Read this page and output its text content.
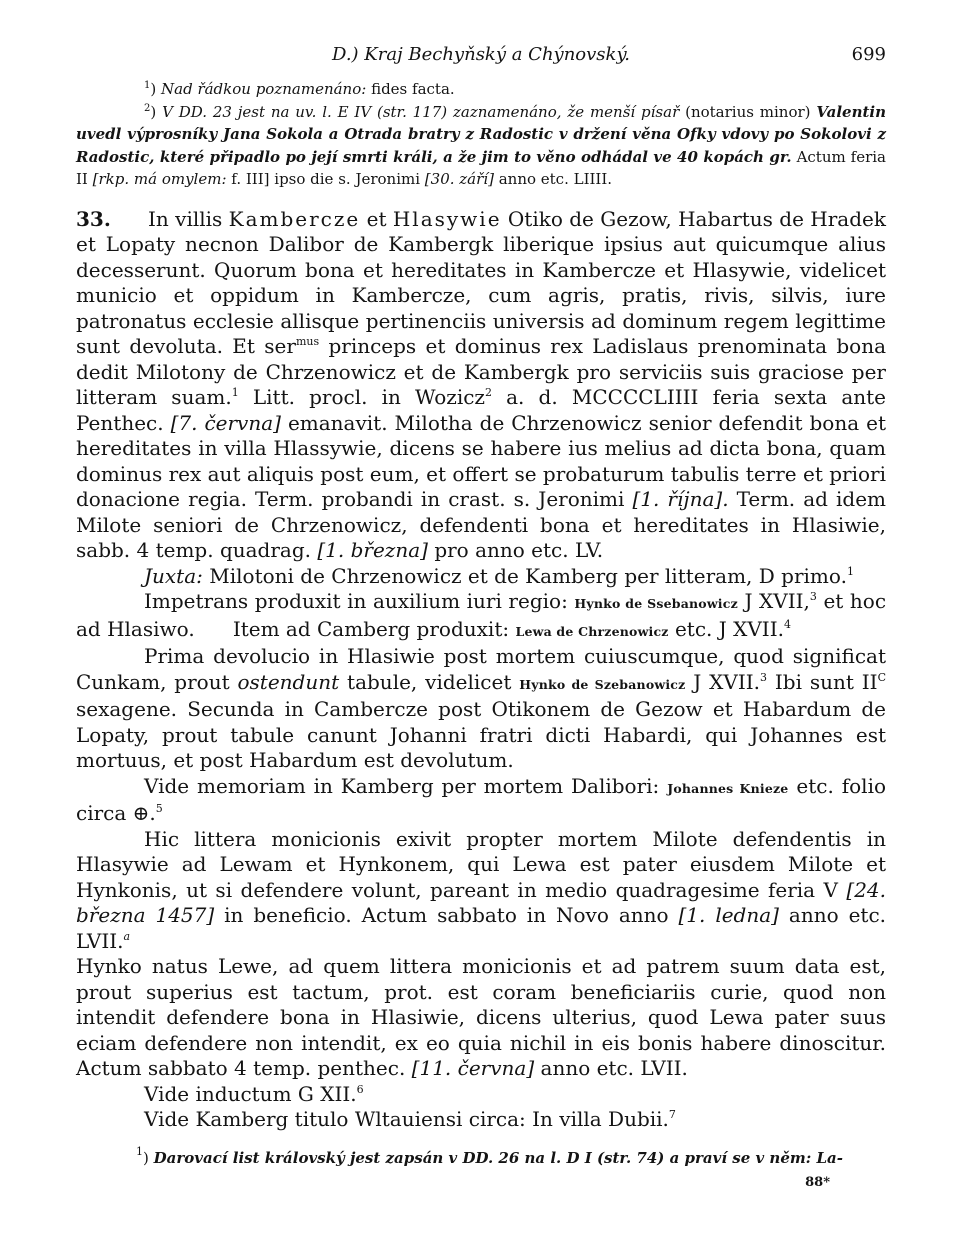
D.) Kraj Bechyňský a Chýnovský.	699

$^1$) Nad řádkou poznamenáno: fides facta.

$^2$) V DD. 23 jest na uv. l. E IV (str. 117) zaznamenáno, že menší písař (notarius minor) Valentin uvedl výprosníky Jana Sokola a Otrada bratry z Radostic v držení věna Ofky vdovy po Sokolovi z Radostic, které připadlo po její smrti králi, a že jim to věno odhádal ve 40 kopách gr. Actum feria II [rkp. má omylem: f. III] ipso die s. Jeronimi [30. září] anno etc. LIIII.

33. In villis Kambercze et Hlasywie Otiko de Gezow, Habartus de Hradek et Lopaty necnon Dalibor de Kambergk liberique ipsius aut quicumque alius decesserunt. Quorum bona et hereditates in Kambercze et Hlasywie, videlicet municio et oppidum in Kambercze, cum agris, pratis, rivis, silvis, iure patronatus ecclesie allisque pertinenciis universis ad dominum regem legittime sunt devoluta. Et ser$^{mus}$ princeps et dominus rex Ladislaus prenominata bona dedit Milotony de Chrzenowicz et de Kambergk pro serviciis suis graciose per litteram suam.$^1$ Litt. procl. in Wozicz$^2$ a. d. MCCCCLIIII feria sexta ante Penthec. [7. června] emanavit. Milotha de Chrzenowicz senior defendit bona et hereditates in villa Hlassywie, dicens se habere ius melius ad dicta bona, quam dominus rex aut aliquis post eum, et offert se probaturum tabulis terre et priori donacione regia. Term. probandi in crast. s. Jeronimi [1. října]. Term. ad idem Milote seniori de Chrzenowicz, defendenti bona et hereditates in Hlasiwie, sabb. 4 temp. quadrag. [1. března] pro anno etc. LV.

Juxta: Milotoni de Chrzenowicz et de Kamberg per litteram, D primo.$^1$

Impetrans produxit in auxilium iuri regio: Hynko de Ssebanowicz J XVII,$^3$ et hoc ad Hlasiwo. Item ad Camberg produxit: Lewa de Chrzenowicz etc. J XVII.$^4$

Prima devolucio in Hlasiwie post mortem cuiuscumque, quod significat Cunkam, prout ostendunt tabule, videlicet Hynko de Szebanowicz J XVII.$^3$ Ibi sunt $II^C$ sexagene. Secunda in Cambercze post Otikonem de Gezow et Habardum de Lopaty, prout tabule canunt Johanni fratri dicti Habardi, qui Johannes est mortuus, et post Habardum est devolutum.

Vide memoriam in Kamberg per mortem Dalibori: Johannes Knieze etc. folio circa ⊕.$^5$

Hic littera monicionis exivit propter mortem Milote defendentis in Hlasywie ad Lewam et Hynkonem, qui Lewa est pater eiusdem Milote et Hynkonis, ut si defendere volunt, pareant in medio quadragesime feria V [24. března 1457] in beneficio. Actum sabbato in Novo anno [1. ledna] anno etc. LVII.$^a$

Hynko natus Lewe, ad quem littera monicionis et ad patrem suum data est, prout superius est tactum, prot. est coram beneficiariis curie, quod non intendit defendere bona in Hlasiwie, dicens ulterius, quod Lewa pater suus eciam defendere non intendit, ex eo quia nichil in eis bonis habere dinoscitur. Actum sabbato 4 temp. penthec. [11. června] anno etc. LVII.

Vide inductum G XII.$^6$

Vide Kamberg titulo Wltauiensi circa: In villa Dubii.$^7$

$^1$) Darovací list královský jest zapsán v DD. 26 na l. D I (str. 74) a praví se v něm: La-

88*
